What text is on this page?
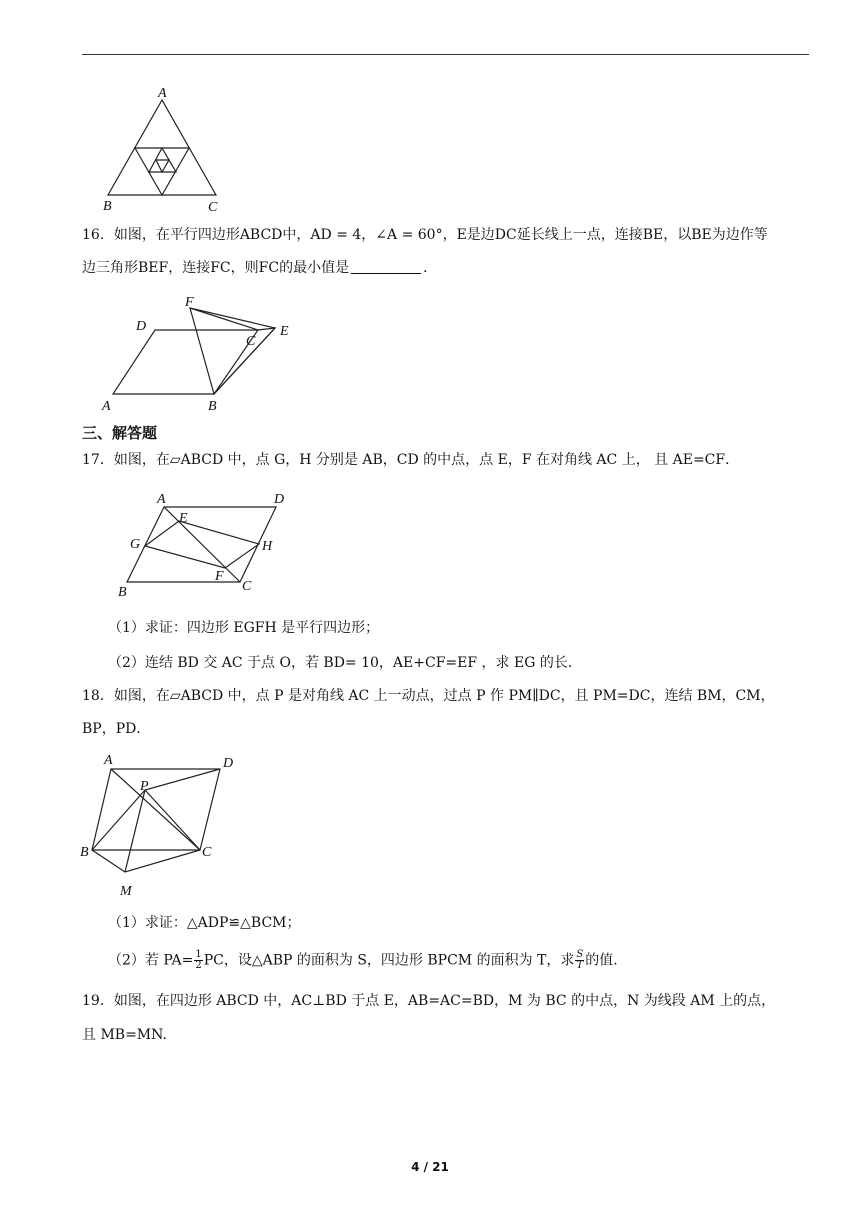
A
B	C
16．如图，在平行四边形ABCD中，AD = 4，∠A = 60°，E是边DC延长线上一点，连接BE，以BE为边作等
边三角形BEF，连接FC，则FC的最小值是	．
F
D
C
E
A	B
三、解答题
17．如图，在▱ABCD 中，点 G，H 分别是 AB，CD 的中点，点 E，F 在对角线 AC 上， 且 AE=CF．
A	D
E
G	H
F
C
B
（1）求证：四边形 EGFH 是平行四边形；
（2）连结 BD 交 AC 于点 O，若 BD= 10，AE+CF=EF ，求 EG 的长．
18．如图，在▱ABCD 中，点 P 是对角线 AC 上一动点，过点 P 作 PM∥DC，且 PM=DC，连结 BM，CM，
BP，PD．
A	D
P
B	C
M
（1）求证：△ADP≌△BCM；
（2）若 $PA= \frac{1}{2}$ PC，设△ABP 的面积为 S，四边形 BPCM 的面积为 T，求 $\frac{S}{T}$ 的值.
19．如图，在四边形 ABCD 中，AC⊥BD 于点 E，AB=AC=BD，M 为 BC 的中点，N 为线段 AM 上的点，
且 MB=MN.
4 / 21
